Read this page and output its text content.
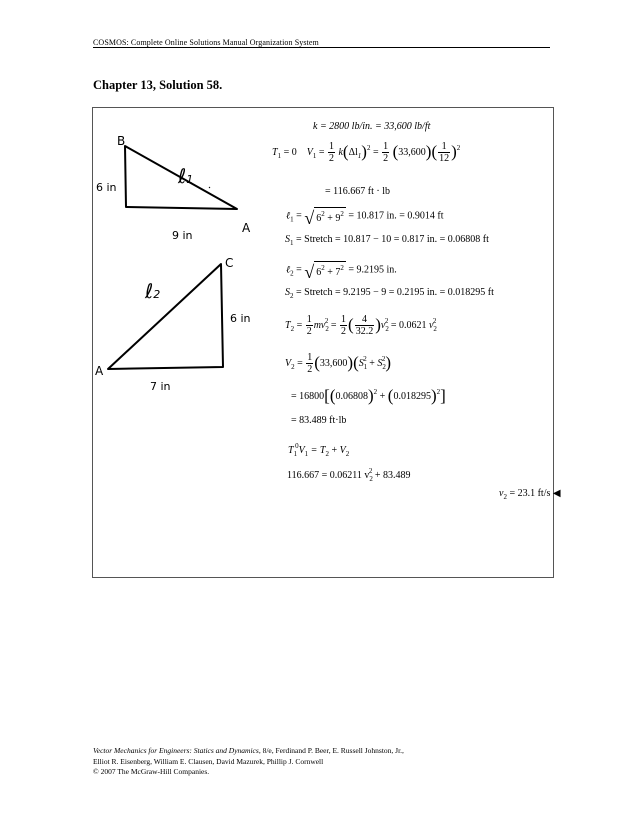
COSMOS: Complete Online Solutions Manual Organization System
Chapter 13, Solution 58.
B
A
ℓ1
6 in
9 in
C
A
ℓ2
6 in
7 in
k = 2800 lb/in. = 33,600 lb/ft
$T_1 = 0$ $V_1 = \frac{1}{2} k(\Delta l_1)^2 = \frac{1}{2} (33,600)( \frac{1}{12} )^2$
= 116.667 ft · lb
ℓ$_1$ = √ $6^2 + 9^2 = 10.817$ in. = 0.9014 ft
$S_1$ = Stretch = 10.817 − 10 = 0.817 in. = 0.06808 ft
ℓ$_2$ = √ $6^2 + 7^2 = 9.2195$ in.
$S_2$ = Stretch = 9.2195 − 9 = 0.2195 in. = 0.018295 ft
$T_2 = \frac{1}{2} mv_2^2 = \frac{1}{2}$ ( $\frac{4}{32.2} )v_2^2 = 0.0621$ $v_2^2$
$V_2 = \frac{1}{2} (33,600)(S_1^2 + S_2^2)$
= $16800[(0.06808)^2 + (0.018295)^2]$
= 83.489 ft·lb
$T_1^0V_1 = T_2 + V_2$
116.667 = 0.06211 $v_2^2 + 83.489$
$v_2 = 23.1$ ft/s ◀
Vector Mechanics for Engineers: Statics and Dynamics, 8/e, Ferdinand P. Beer, E. Russell Johnston, Jr.,
Elliot R. Eisenberg, William E. Clausen, David Mazurek, Phillip J. Cornwell
© 2007 The McGraw-Hill Companies.
